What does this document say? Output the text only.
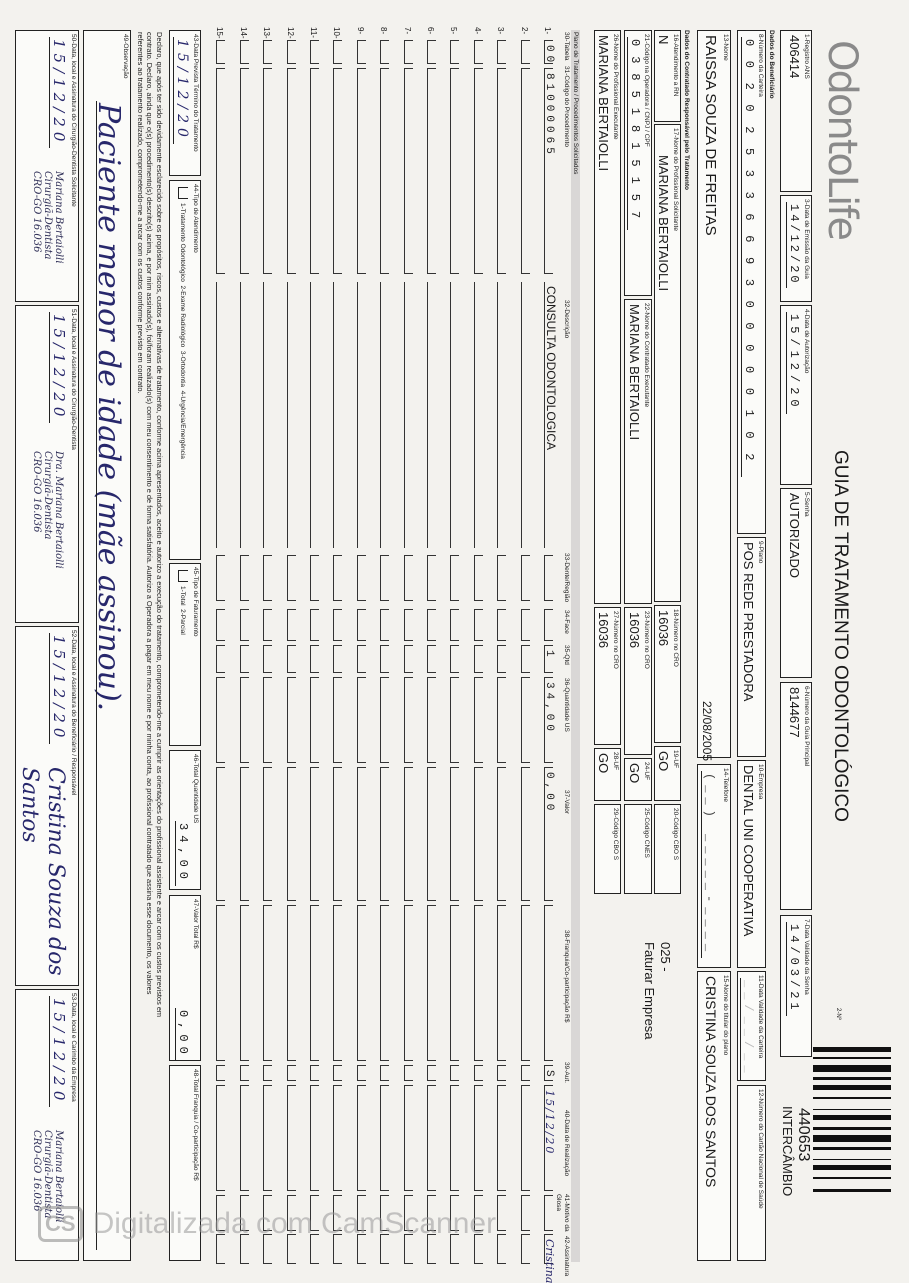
OdontoLife
GUIA DE TRATAMENTO ODONTOLÓGICO
2-Nº
440653
INTERCÂMBIO
1-Registro ANS
406414
3-Data de Emissão da Guia
14/12/20
4-Data de Autorização
15/12/20
5-Senha
AUTORIZADO
6-Número da Guia Principal
8144677
7-Data Validade da Senha
14/03/21
Dados do Beneficiário
8-Número da Carteira
00202533669300000102
9-Plano
POS REDE PRESTADORA
10-Empresa
DENTAL UNI COOPERATIVA
11-Data Validade da Carteira
__/__/__
12-Número do Cartão Nacional de Saúde
13-Nome
RAISSA SOUZA DE FREITAS
22/08/2005
14-Telefone
(__) _____-____
15-Nome do titular do plano
CRISTINA SOUZA DOS SANTOS
Dados do Contratado Responsável pelo Tratamento
16-Atendimento a RN
N
17-Nome do Profissional Solicitante
MARIANA BERTAIOLLI
18-Número no CRO
16036
19-UF
GO
20-Código CBO S
025 -
Faturar Empresa
21-Código na Operadora / CNPJ / CPF
03851815157
22-Nome do Contratado Executante
MARIANA BERTAIOLLI
23-Número no CRO
16036
24-UF
GO
25-Código CNES
26-Nome do Profissional Executante
MARIANA BERTAIOLLI
27-Número no CRO
16036
28-UF
GO
29-Código CBO S
Plano de Tratamento / Procedimentos Solicitados
30-Tabela
31-Código do Procedimento
32-Descrição
33-Dente/Região
34-Face
35-Qtd
36-Quantidade US
37-Valor
38-Franquia/Co-participação R$
39-Aut.
40-Data de Realização
41-Motivo da Glosa
42-Assinatura
1-
00
81000065
CONSULTA ODONTOLOGICA
1
34,00
0,00
S
15/12/20
Cristina
2-
3-
4-
5-
6-
7-
8-
9-
10-
11-
12-
13-
14-
15-
43-Data Prevista Término do Tratamento
15/12/20
44-Tipo de Atendimento
1-Tratamento Odontológico  2-Exame Radiológico  3-Ortodontia  4-Urgência/Emergência
45-Tipo de Faturamento
1-Total  2-Parcial
46-Total Quantidade US
34,00
47-Valor Total R$
0,00
48-Total Franquia / Co-participação R$
Declaro, que após ter sido devidamente esclarecido sobre os propósitos, riscos, custos e alternativas de tratamento, conforme acima apresentados, aceito e autorizo a execução do tratamento, comprometendo-me a cumprir as orientações do profissional assistente e arcar com os custos previstos em
contrato. Declaro, ainda que o(s) procedimento(s) descrito(s) acima, e por mim assinado(s), foi/foram realizado(s) com meu consentimento e de forma satisfatória. Autorizo a Operadora a pagar em meu nome e por minha conta, ao profissional contratado que assina esse documento, os valores
referentes ao tratamento realizado, comprometendo-me a arcar com os custos conforme previsto em contrato.
49-Observação
Paciente menor de idade (mãe assinou).
50-Data, local e Assinatura do Cirurgião-Dentista Solicitante
15/12/20
Mariana Bertaiolli
Cirurgiã-Dentista
CRO-GO 16.036
51-Data, local e Assinatura do Cirurgião-Dentista
15/12/20
Dra. Mariana Bertaiolli
Cirurgiã-Dentista
CRO-GO 16.036
52-Data, local e Assinatura do Beneficiário / Responsável
15/12/20
Cristina Souza dos Santos
53-Data, local e Carimbo da Empresa
15/12/20
Mariana Bertaiolli
Cirurgiã-Dentista
CRO-GO 16.036
CS Digitalizada com CamScanner
